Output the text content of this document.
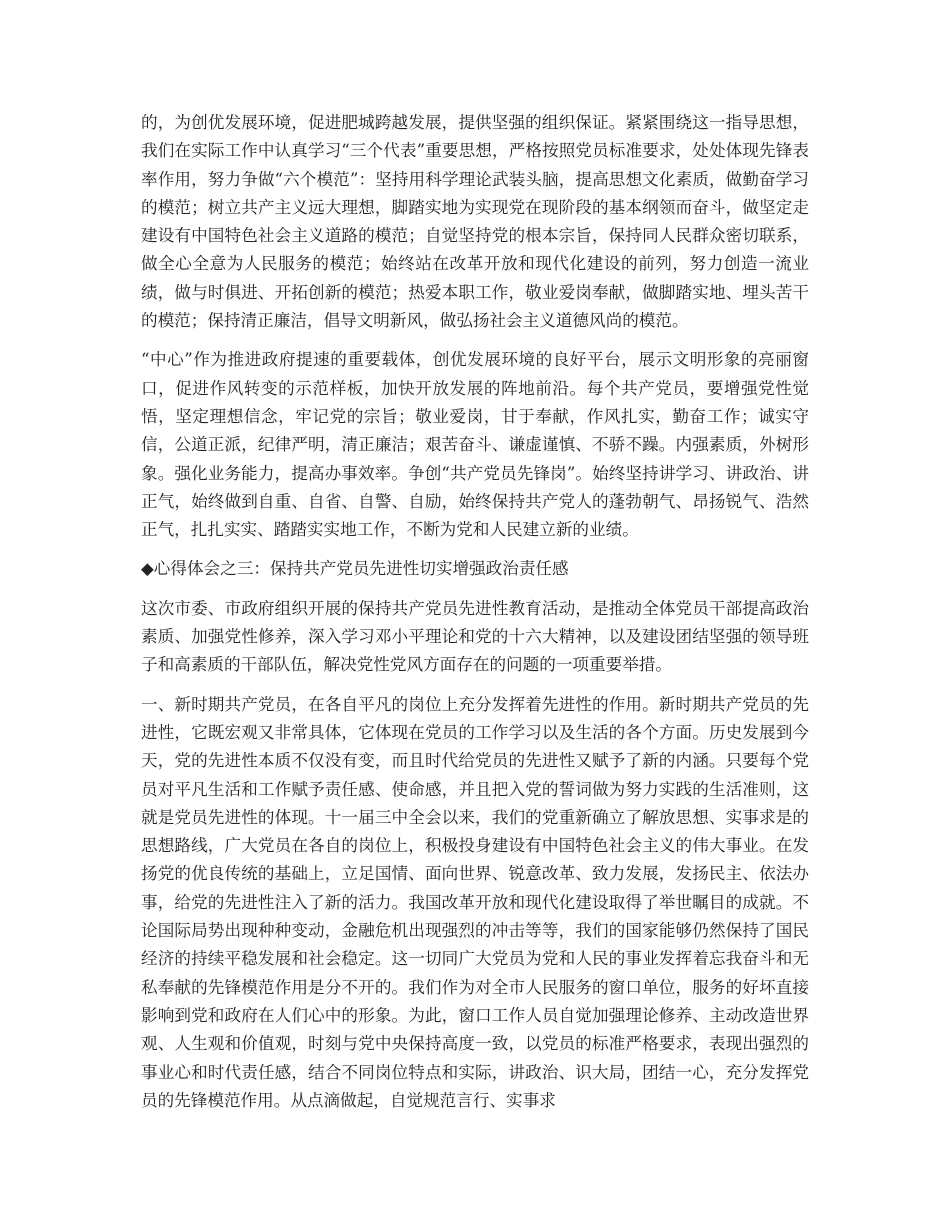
的，为创优发展环境，促进肥城跨越发展，提供坚强的组织保证。紧紧围绕这一指导思想，我们在实际工作中认真学习“三个代表”重要思想，严格按照党员标准要求，处处体现先锋表率作用，努力争做“六个模范”：坚持用科学理论武装头脑，提高思想文化素质，做勤奋学习的模范；树立共产主义远大理想，脚踏实地为实现党在现阶段的基本纲领而奋斗，做坚定走建设有中国特色社会主义道路的模范；自觉坚持党的根本宗旨，保持同人民群众密切联系，做全心全意为人民服务的模范；始终站在改革开放和现代化建设的前列，努力创造一流业绩，做与时俱进、开拓创新的模范；热爱本职工作，敬业爱岗奉献，做脚踏实地、埋头苦干的模范；保持清正廉洁，倡导文明新风，做弘扬社会主义道德风尚的模范。

“中心”作为推进政府提速的重要载体，创优发展环境的良好平台，展示文明形象的亮丽窗口，促进作风转变的示范样板，加快开放发展的阵地前沿。每个共产党员，要增强党性觉悟，坚定理想信念，牢记党的宗旨；敬业爱岗，甘于奉献，作风扎实，勤奋工作；诚实守信，公道正派，纪律严明，清正廉洁；艰苦奋斗、谦虚谨慎、不骄不躁。内强素质，外树形象。强化业务能力，提高办事效率。争创“共产党员先锋岗”。始终坚持讲学习、讲政治、讲正气，始终做到自重、自省、自警、自励，始终保持共产党人的蓬勃朝气、昂扬锐气、浩然正气，扎扎实实、踏踏实实地工作，不断为党和人民建立新的业绩。

◆心得体会之三：保持共产党员先进性切实增强政治责任感

这次市委、市政府组织开展的保持共产党员先进性教育活动，是推动全体党员干部提高政治素质、加强党性修养，深入学习邓小平理论和党的十六大精神，以及建设团结坚强的领导班子和高素质的干部队伍，解决党性党风方面存在的问题的一项重要举措。

一、新时期共产党员，在各自平凡的岗位上充分发挥着先进性的作用。新时期共产党员的先进性，它既宏观又非常具体，它体现在党员的工作学习以及生活的各个方面。历史发展到今天，党的先进性本质不仅没有变，而且时代给党员的先进性又赋予了新的内涵。只要每个党员对平凡生活和工作赋予责任感、使命感，并且把入党的誓词做为努力实践的生活准则，这就是党员先进性的体现。十一届三中全会以来，我们的党重新确立了解放思想、实事求是的思想路线，广大党员在各自的岗位上，积极投身建设有中国特色社会主义的伟大事业。在发扬党的优良传统的基础上，立足国情、面向世界、锐意改革、致力发展，发扬民主、依法办事，给党的先进性注入了新的活力。我国改革开放和现代化建设取得了举世瞩目的成就。不论国际局势出现种种变动，金融危机出现强烈的冲击等等，我们的国家能够仍然保持了国民经济的持续平稳发展和社会稳定。这一切同广大党员为党和人民的事业发挥着忘我奋斗和无私奉献的先锋模范作用是分不开的。我们作为对全市人民服务的窗口单位，服务的好坏直接影响到党和政府在人们心中的形象。为此，窗口工作人员自觉加强理论修养、主动改造世界观、人生观和价值观，时刻与党中央保持高度一致，以党员的标准严格要求，表现出强烈的事业心和时代责任感，结合不同岗位特点和实际，讲政治、识大局，团结一心，充分发挥党员的先锋模范作用。从点滴做起，自觉规范言行、实事求
